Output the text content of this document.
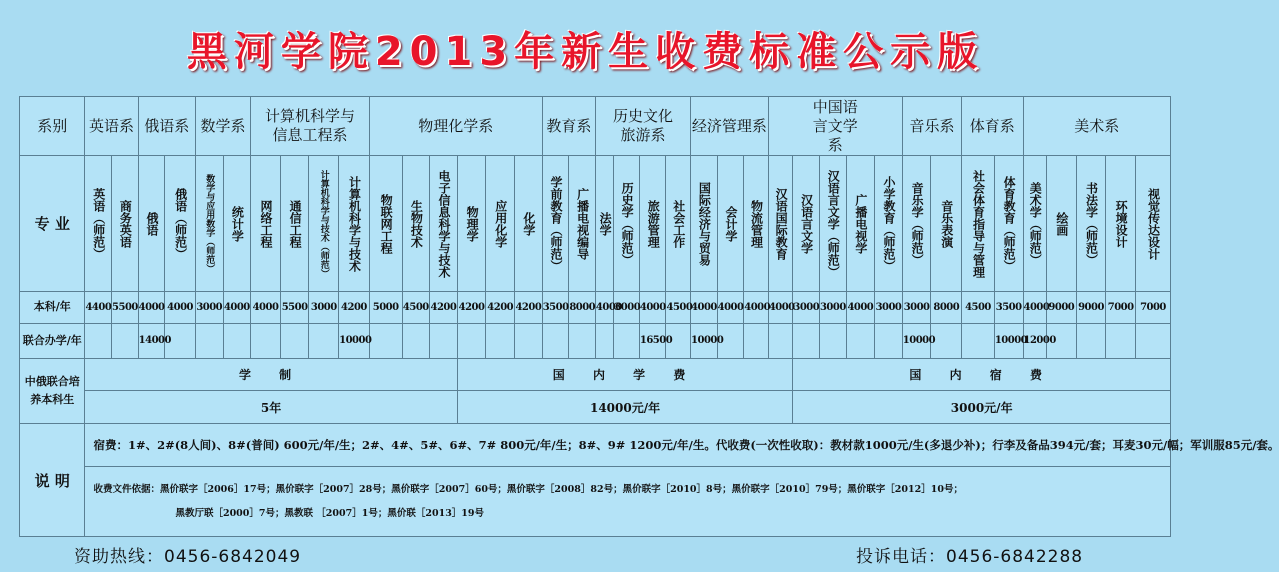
黑河学院2013年新生收费标准公示版
系别	英语系		俄语系		数学系		计算机科学与信息工程系				物理化学系						教育系		历史文化旅游系				经济管理系			中国语言文学系					音乐系		体育系		美术系				
专 业	英语（师范）	商务英语	俄语	俄语（师范）	数学与应用数学（师范）	统计学	网络工程	通信工程	计算机科学与技术（师范）	计算机科学与技术	物联网工程	生物技术	电子信息科学与技术	物理学	应用化学	化学	学前教育（师范）	广播电视编导	法学	历史学（师范）	旅游管理	社会工作	国际经济与贸易	会计学	物流管理	汉语国际教育	汉语言文学	汉语言文学（师范）	广播电视学	小学教育（师范）	音乐学（师范）	音乐表演	社会体育指导与管理	体育教育（师范）	美术学（师范）	绘画	书法学（师范）	环境设计	视觉传达设计

本科/年	4400	5500	4000	4000	3000	4000	4000	5500	3000	4200	5000	4500	4200	4200	4200	4200	3500	8000	4000	3000	4000	4500	4000	4000	4000	4000	3000	3000	4000	3000	3000	8000	4500	3500	4000	9000	9000	7000	7000
联合办学/年			14000							10000											16500		10000								10000			10000	12000				
中俄联合培养本科生	学 制													国 内 学 费													国 内 宿 费												
	5年													14000元/年													3000元/年												
说 明	宿费：1#、2#(8人间)、8#(普间) 600元/年/生；2#、4#、5#、6#、7# 800元/年/生；8#、9# 1200元/年/生。代收费(一次性收取)：教材款1000元/生(多退少补)；行李及备品394元/套；耳麦30元/幅；军训服85元/套。																																						

	收费文件依据：黑价联字［2006］17号；黑价联字［2007］28号；黑价联字［2007］60号；黑价联字［2008］82号；黑价联字［2010］8号；黑价联字［2010］79号；黑价联字［2012］10号；
黑教厅联［2000］7号；黑教联 ［2007］1号；黑价联［2013］19号																																						
资助热线：0456-6842049	投诉电话：0456-6842288
